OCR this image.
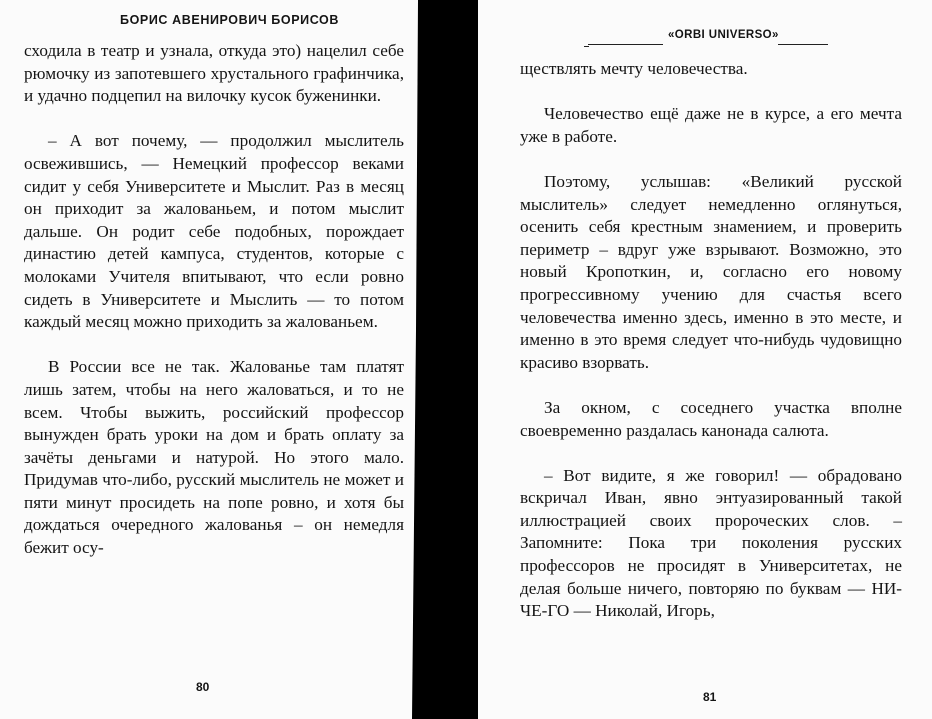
БОРИС АВЕНИРОВИЧ БОРИСОВ

сходила в театр и узнала, откуда это) нацелил себе рюмочку из запотевшего хрустального графинчика, и удачно подцепил на вилочку кусок буженинки.

– А вот почему, — продолжил мыслитель освежившись, — Немецкий профессор веками сидит у себя Университете и Мыслит. Раз в месяц он приходит за жалованьем, и потом мыслит дальше. Он родит себе подобных, порождает династию детей кампуса, студентов, которые с молоками Учителя впитывают, что если ровно сидеть в Университете и Мыслить — то потом каждый месяц можно приходить за жалованьем.

В России все не так. Жалованье там платят лишь затем, чтобы на него жаловаться, и то не всем. Чтобы выжить, российский профессор вынужден брать уроки на дом и брать оплату за зачёты деньгами и натурой. Но этого мало. Придумав что-либо, русский мыслитель не может и пяти минут просидеть на попе ровно, и хотя бы дождаться очередного жалованья – он немедля бежит осу-

80
«ORBI UNIVERSO»

ществлять мечту человечества.

Человечество ещё даже не в курсе, а его мечта уже в работе.

Поэтому, услышав: «Великий русской мыслитель» следует немедленно оглянуться, осенить себя крестным знамением, и проверить периметр – вдруг уже взрывают. Возможно, это новый Кропоткин, и, согласно его новому прогрессивному учению для счастья всего человечества именно здесь, именно в это месте, и именно в это время следует что-нибудь чудовищно красиво взорвать.

За окном, с соседнего участка вполне своевременно раздалась канонада салюта.

– Вот видите, я же говорил! — обрадовано вскричал Иван, явно энтуазированный такой иллюстрацией своих пророческих слов. – Запомните: Пока три поколения русских профессоров не просидят в Университетах, не делая больше ничего, повторяю по буквам — НИ-ЧЕ-ГО — Николай, Игорь,

81
